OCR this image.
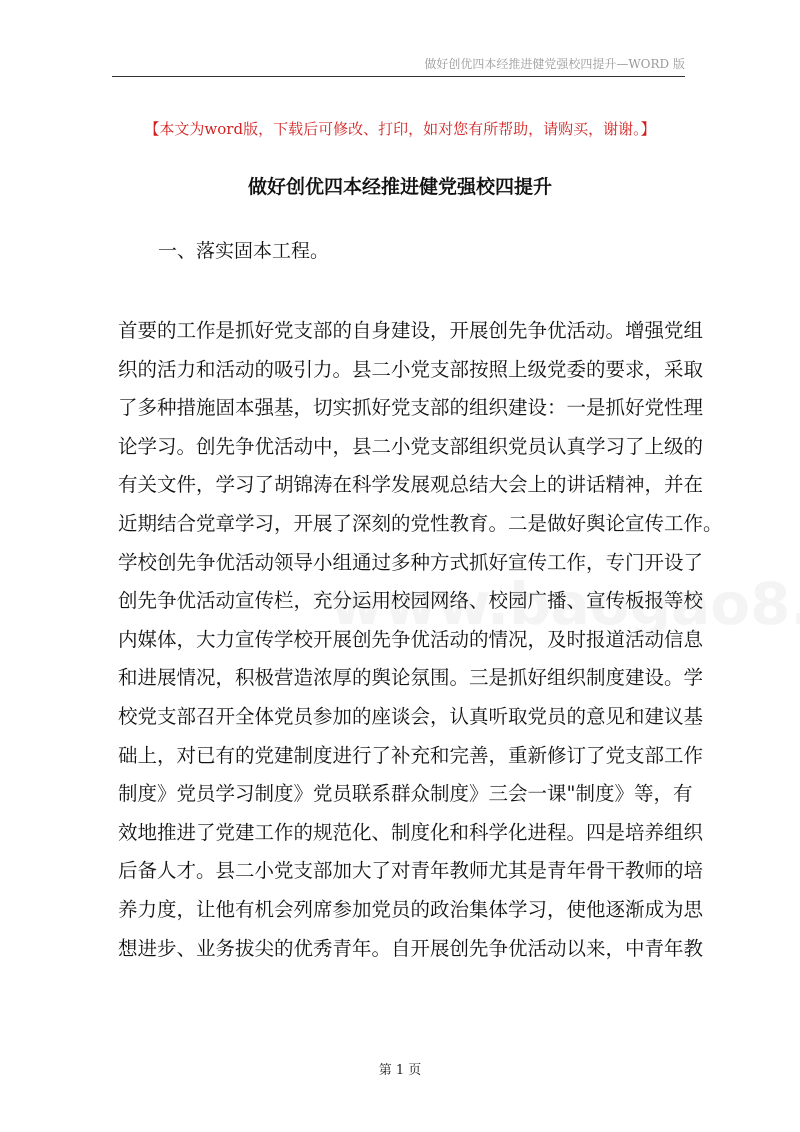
做好创优四本经推进健党强校四提升—WORD 版
【本文为word版，下载后可修改、打印，如对您有所帮助，请购买，谢谢。】
做好创优四本经推进健党强校四提升
一、落实固本工程。
首要的工作是抓好党支部的自身建设，开展创先争优活动。增强党组
织的活力和活动的吸引力。县二小党支部按照上级党委的要求，采取
了多种措施固本强基，切实抓好党支部的组织建设：一是抓好党性理
论学习。创先争优活动中，县二小党支部组织党员认真学习了上级的
有关文件，学习了胡锦涛在科学发展观总结大会上的讲话精神，并在
近期结合党章学习，开展了深刻的党性教育。二是做好舆论宣传工作。
学校创先争优活动领导小组通过多种方式抓好宣传工作，专门开设了
创先争优活动宣传栏，充分运用校园网络、校园广播、宣传板报等校
内媒体，大力宣传学校开展创先争优活动的情况，及时报道活动信息
和进展情况，积极营造浓厚的舆论氛围。三是抓好组织制度建设。学
校党支部召开全体党员参加的座谈会，认真听取党员的意见和建议基
础上，对已有的党建制度进行了补充和完善，重新修订了党支部工作
制度》党员学习制度》党员联系群众制度》三会一课"制度》等，有
效地推进了党建工作的规范化、制度化和科学化进程。四是培养组织
后备人才。县二小党支部加大了对青年教师尤其是青年骨干教师的培
养力度，让他有机会列席参加党员的政治集体学习，使他逐渐成为思
想进步、业务拔尖的优秀青年。自开展创先争优活动以来，中青年教
第 1 页
